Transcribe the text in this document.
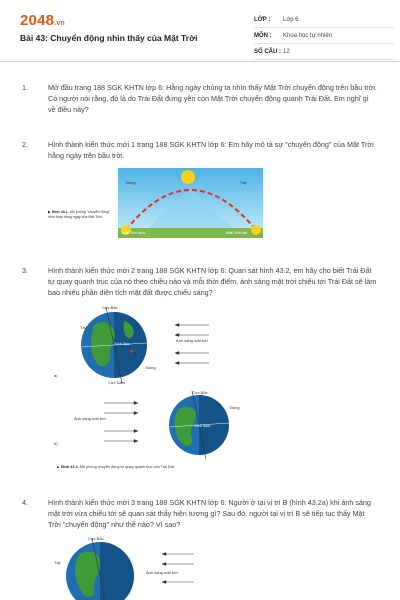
2048.vn
Bài 43: Chuyển động nhìn thấy của Mặt Trời
LỚP : Lớp 6
MÔN : Khoa học tự nhiên
SỐ CÂU : 12
1.	Mở đầu trang 188 SGK KHTN lớp 6: Hằng ngày chúng ta nhìn thấy Mặt Trời chuyển động trên bầu trời. Có người nói rằng, đó là do Trái Đất đứng yên còn Mặt Trời chuyển động quanh Trái Đất. Em nghĩ gì về điều này?
2.	Hình thành kiến thức mới 1 trang 188 SGK KHTN lớp 6: Em hãy mô tả sự "chuyển động" của Mặt Trời hằng ngày trên bầu trời.
▶ Hình 43.1. Mô phỏng "chuyển động" nhìn thấy hằng ngày của Mặt Trời
Đông	Tây
Mặt Trời mọc	Mặt Trời lặn
3.	Hình thành kiến thức mới 2 trang 188 SGK KHTN lớp 6: Quan sát hình 43.2, em hãy cho biết Trái Đất tự quay quanh trục của nó theo chiều nào và mỗi thời điểm, ánh sáng mặt trời chiếu tới Trái Đất sẽ làm bao nhiêu phần diện tích mặt đất được chiếu sáng?
Cực Bắc
Tây
Xích đạo
B
Đông
Cực Nam
Ánh sáng mặt trời
a)
Ánh sáng mặt trời
Cực Bắc
Đông
Xích đạo
b)
▲ Hình 43.2. Mô phỏng chuyển động tự quay quanh trục của Trái Đất
4.	Hình thành kiến thức mới 3 trang 188 SGK KHTN lớp 6: Người ở tại vị trí B (hình 43.2a) khi ánh sáng mặt trời vừa chiếu tới sẽ quan sát thấy hiện tượng gì? Sau đó, người tại vị trí B sẽ tiếp tục thấy Mặt Trời "chuyển động" như thế nào? Vì sao?
Cực Bắc
Tây
Ánh sáng mặt trời
